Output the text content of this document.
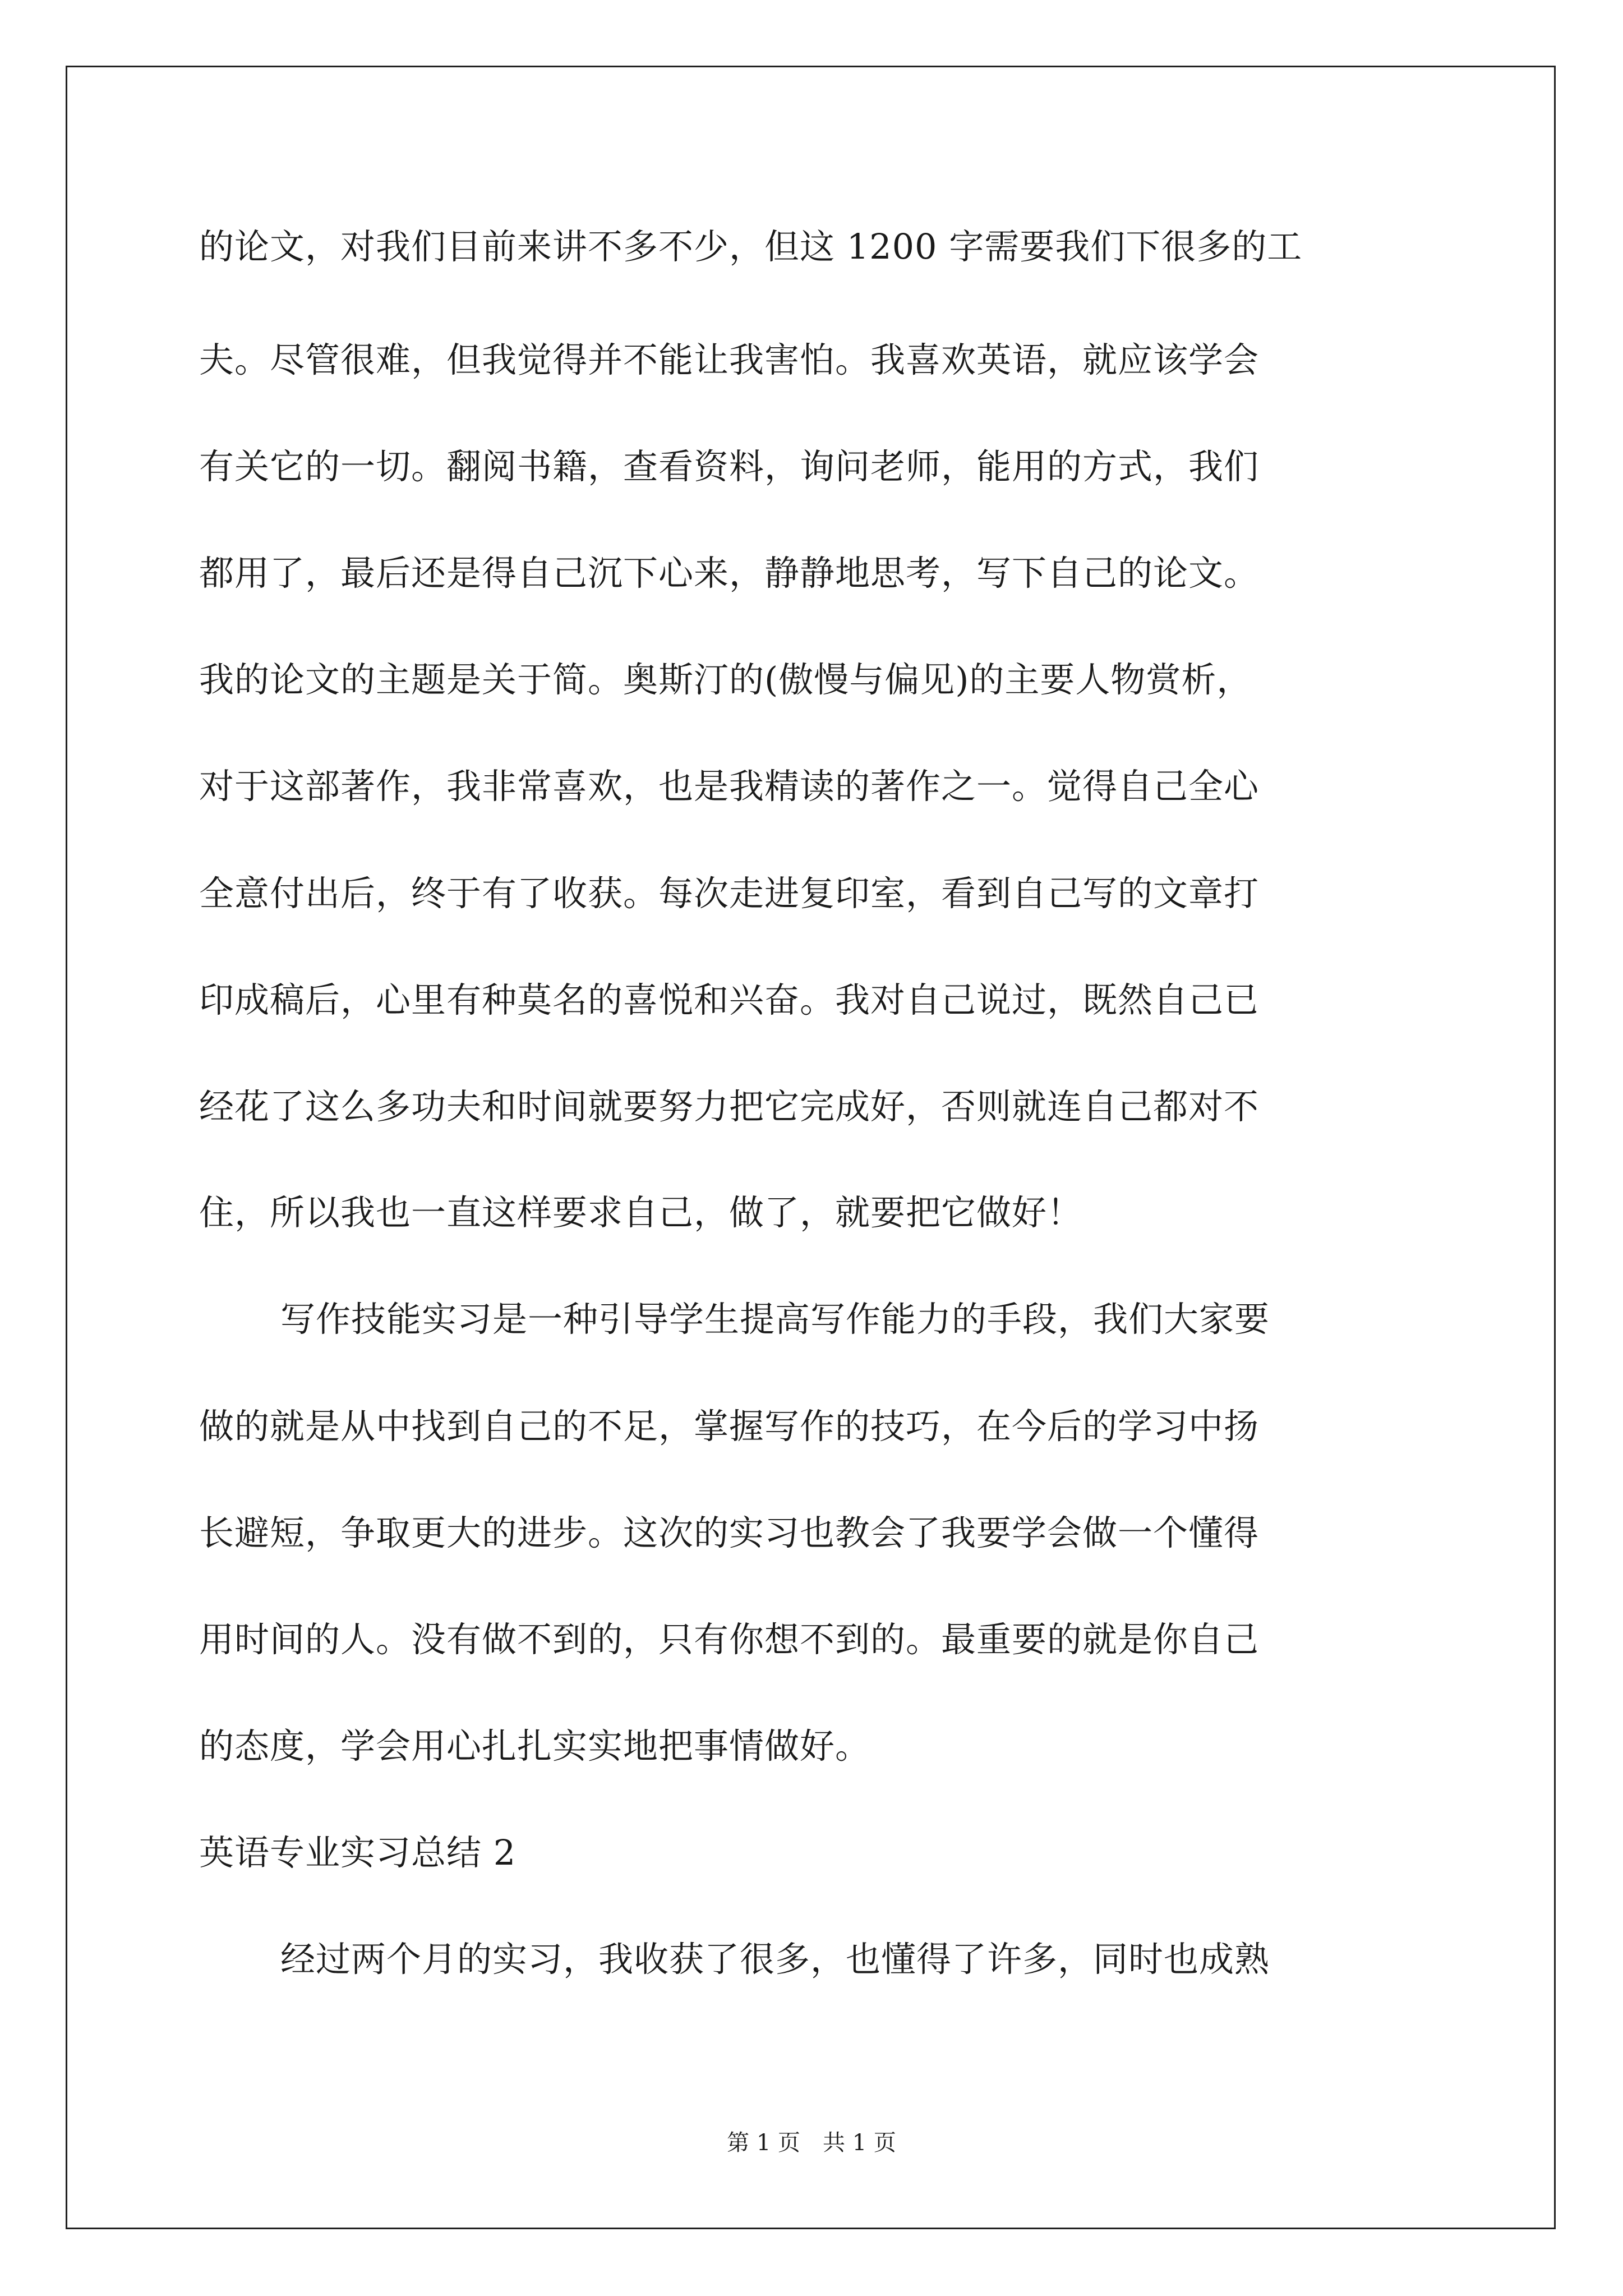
的论文，对我们目前来讲不多不少，但这 1200 字需要我们下很多的工
夫。尽管很难，但我觉得并不能让我害怕。我喜欢英语，就应该学会
有关它的一切。翻阅书籍，查看资料，询问老师，能用的方式，我们
都用了，最后还是得自己沉下心来，静静地思考，写下自己的论文。
我的论文的主题是关于简。奥斯汀的(傲慢与偏见)的主要人物赏析，
对于这部著作，我非常喜欢，也是我精读的著作之一。觉得自己全心
全意付出后，终于有了收获。每次走进复印室，看到自己写的文章打
印成稿后，心里有种莫名的喜悦和兴奋。我对自己说过，既然自己已
经花了这么多功夫和时间就要努力把它完成好，否则就连自己都对不
住，所以我也一直这样要求自己，做了，就要把它做好！
写作技能实习是一种引导学生提高写作能力的手段，我们大家要
做的就是从中找到自己的不足，掌握写作的技巧，在今后的学习中扬
长避短，争取更大的进步。这次的实习也教会了我要学会做一个懂得
用时间的人。没有做不到的，只有你想不到的。最重要的就是你自己
的态度，学会用心扎扎实实地把事情做好。
英语专业实习总结 2
经过两个月的实习，我收获了很多，也懂得了许多，同时也成熟
第 1 页　共 1 页
